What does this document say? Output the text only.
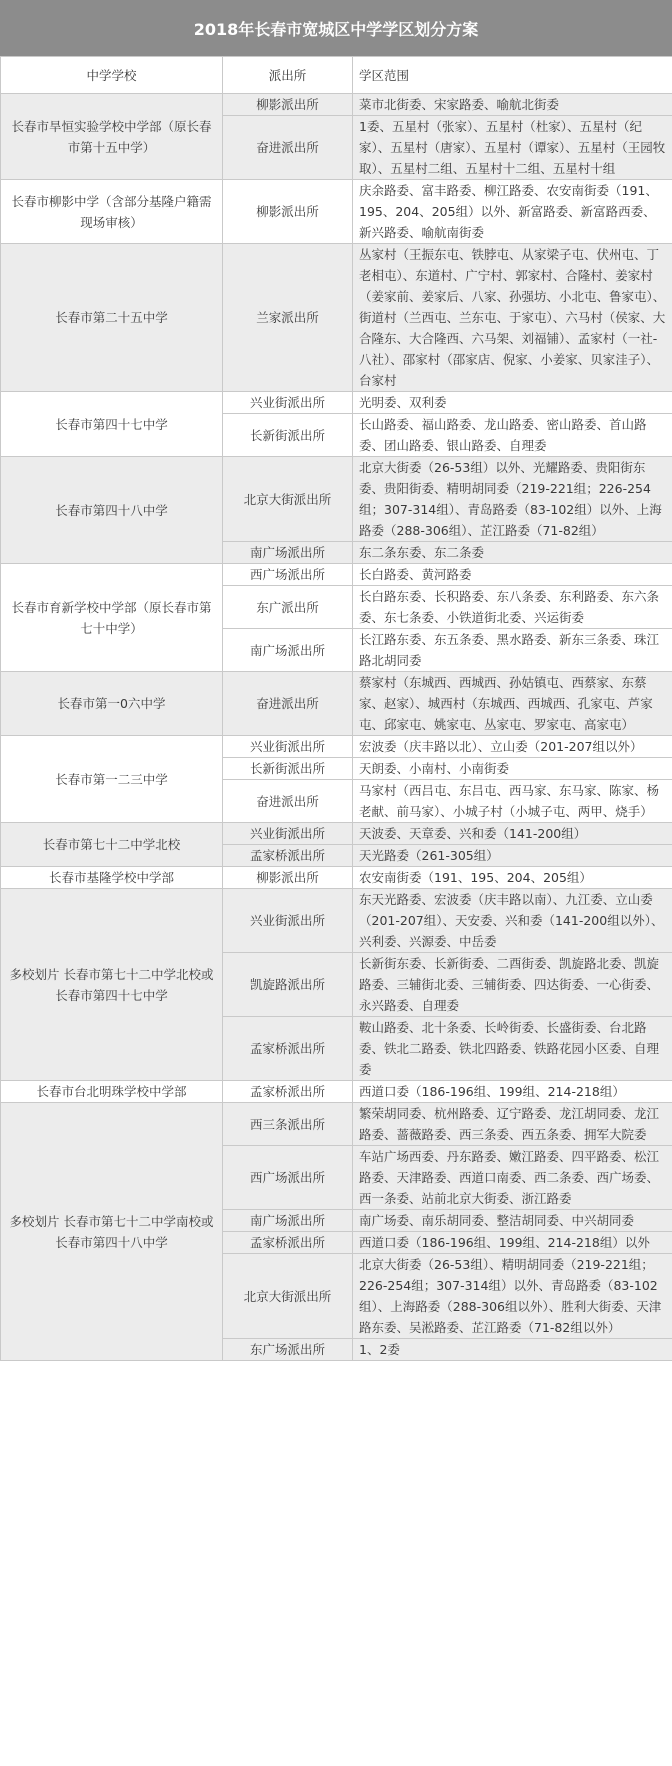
2018年长春市宽城区中学学区划分方案
中学学校	派出所	学区范围
长春市旱恒实验学校中学部（原长春市第十五中学）	柳影派出所	菜市北街委、宋家路委、喻航北街委
	奋进派出所	1委、五星村（张家）、五星村（杜家）、五星村（纪家）、五星村（唐家）、五星村（谭家）、五星村（王园牧取）、五星村二组、五星村十二组、五星村十组
长春市柳影中学（含部分基隆户籍需现场审核）	柳影派出所	庆余路委、富丰路委、柳江路委、农安南街委（191、195、204、205组）以外、新富路委、新富路西委、新兴路委、喻航南街委
长春市第二十五中学	兰家派出所	丛家村（王振东屯、铁脖屯、从家梁子屯、伏州屯、丁老相屯）、东道村、广宁村、郭家村、合隆村、姜家村（姜家前、姜家后、八家、孙强坊、小北屯、鲁家屯）、街道村（兰西屯、兰东屯、于家屯）、六马村（侯家、大合隆东、大合隆西、六马架、刘福铺）、孟家村（一社-八社）、邵家村（邵家店、倪家、小姜家、贝家洼子）、台家村
长春市第四十七中学	兴业街派出所	光明委、双利委
	长新街派出所	长山路委、福山路委、龙山路委、密山路委、首山路委、团山路委、银山路委、自理委
长春市第四十八中学	北京大街派出所	北京大街委（26-53组）以外、光耀路委、贵阳街东委、贵阳街委、精明胡同委（219-221组；226-254组；307-314组）、青岛路委（83-102组）以外、上海路委（288-306组）、芷江路委（71-82组）
	南广场派出所	东二条东委、东二条委
长春市育新学校中学部（原长春市第七十中学）	西广场派出所	长白路委、黄河路委
	东广派出所	长白路东委、长积路委、东八条委、东利路委、东六条委、东七条委、小铁道街北委、兴运街委
	南广场派出所	长江路东委、东五条委、黑水路委、新东三条委、珠江路北胡同委
长春市第一0六中学	奋进派出所	蔡家村（东城西、西城西、孙姑镇屯、西蔡家、东蔡家、赵家）、城西村（东城西、西城西、孔家屯、芦家屯、邱家屯、姚家屯、丛家屯、罗家屯、高家屯）
长春市第一二三中学	兴业街派出所	宏波委（庆丰路以北）、立山委（201-207组以外）
	长新街派出所	天朗委、小南村、小南街委
	奋进派出所	马家村（西吕屯、东吕屯、西马家、东马家、陈家、杨老献、前马家）、小城子村（小城子屯、两甲、烧手）
长春市第七十二中学北校	兴业街派出所	天波委、天章委、兴和委（141-200组）
	孟家桥派出所	天光路委（261-305组）
长春市基隆学校中学部	柳影派出所	农安南街委（191、195、204、205组）
多校划片 长春市第七十二中学北校或长春市第四十七中学	兴业街派出所	东天光路委、宏波委（庆丰路以南）、九江委、立山委（201-207组）、天安委、兴和委（141-200组以外）、兴利委、兴源委、中岳委
	凯旋路派出所	长新街东委、长新街委、二酉街委、凯旋路北委、凯旋路委、三辅街北委、三辅街委、四达街委、一心街委、永兴路委、自理委
	孟家桥派出所	鞍山路委、北十条委、长岭街委、长盛街委、台北路委、铁北二路委、铁北四路委、铁路花园小区委、自理委
长春市台北明珠学校中学部	孟家桥派出所	西道口委（186-196组、199组、214-218组）
多校划片 长春市第七十二中学南校或长春市第四十八中学	西三条派出所	繁荣胡同委、杭州路委、辽宁路委、龙江胡同委、龙江路委、蔷薇路委、西三条委、西五条委、拥军大院委
	西广场派出所	车站广场西委、丹东路委、嫩江路委、四平路委、松江路委、天津路委、西道口南委、西二条委、西广场委、西一条委、站前北京大街委、浙江路委
	南广场派出所	南广场委、南乐胡同委、整洁胡同委、中兴胡同委
	孟家桥派出所	西道口委（186-196组、199组、214-218组）以外
	北京大街派出所	北京大街委（26-53组）、精明胡同委（219-221组；226-254组；307-314组）以外、青岛路委（83-102组）、上海路委（288-306组以外）、胜利大街委、天津路东委、吴淞路委、芷江路委（71-82组以外）
	东广场派出所	1、2委
